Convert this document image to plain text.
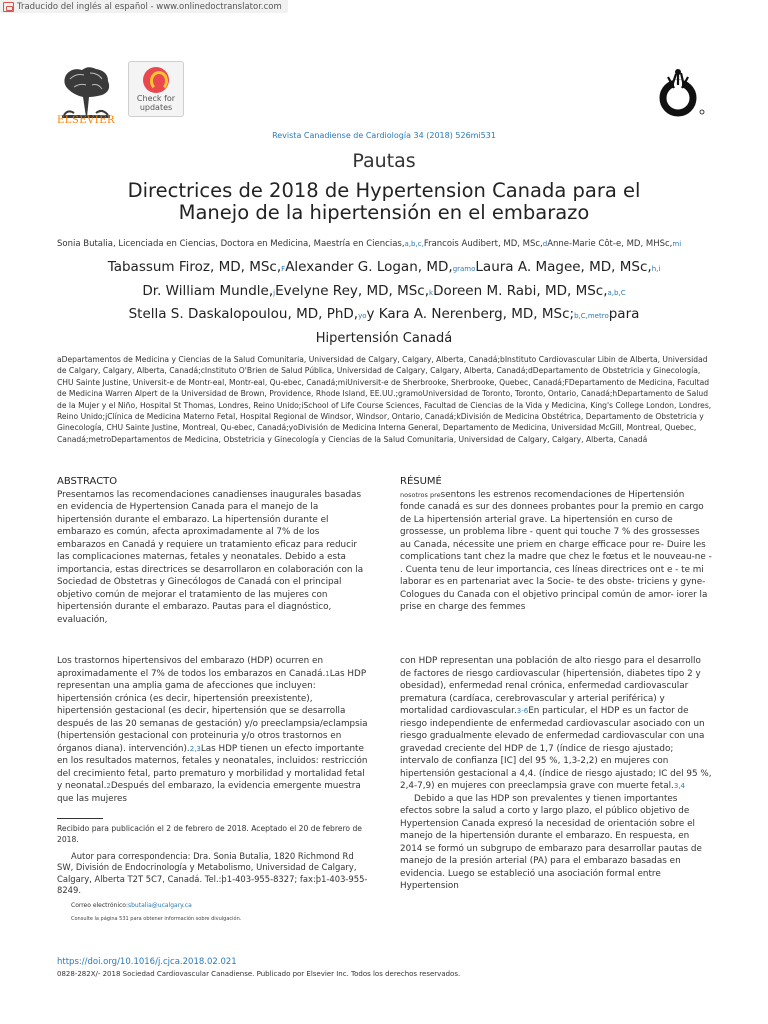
Traducido del inglés al español - www.onlinedoctranslator.com
ELSEVIER
Check for
updates
Revista Canadiense de Cardiología 34 (2018) 526mi531
Pautas
Directrices de 2018 de Hypertension Canada para el
Manejo de la hipertensión en el embarazo
Sonia Butalia, Licenciada en Ciencias, Doctora en Medicina, Maestría en Ciencias,a,b,c,Francois Audibert, MD, MSc,dAnne-Marie Côt-e, MD, MHSc,mi
Tabassum Firoz, MD, MSc,FAlexander G. Logan, MD,gramoLaura A. Magee, MD, MSc,h,i
Dr. William Mundle,jEvelyne Rey, MD, MSc,kDoreen M. Rabi, MD, MSc,a,b,C
Stella S. Daskalopoulou, MD, PhD,yoy Kara A. Nerenberg, MD, MSc;b,C,metropara
Hipertensión Canadá
aDepartamentos de Medicina y Ciencias de la Salud Comunitaria, Universidad de Calgary, Calgary, Alberta, Canadá;bInstituto Cardiovascular Libin de Alberta, Universidad de Calgary, Calgary, Alberta, Canadá;cInstituto O'Brien de Salud Pública, Universidad de Calgary, Calgary, Alberta, Canadá;dDepartamento de Obstetricia y Ginecología, CHU Sainte Justine, Universit-e de Montr-eal, Montr-eal, Qu-ebec, Canadá;miUniversit-e de Sherbrooke, Sherbrooke, Quebec, Canadá;FDepartamento de Medicina, Facultad de Medicina Warren Alpert de la Universidad de Brown, Providence, Rhode Island, EE.UU.;gramoUniversidad de Toronto, Toronto, Ontario, Canadá;hDepartamento de Salud de la Mujer y el Niño, Hospital St Thomas, Londres, Reino Unido;iSchool of Life Course Sciences, Facultad de Ciencias de la Vida y Medicina, King's College London, Londres, Reino Unido;jClínica de Medicina Materno Fetal, Hospital Regional de Windsor, Windsor, Ontario, Canadá;kDivisión de Medicina Obstétrica, Departamento de Obstetricia y Ginecología, CHU Sainte Justine, Montreal, Qu-ebec, Canadá;yoDivisión de Medicina Interna General, Departamento de Medicina, Universidad McGill, Montreal, Quebec, Canadá;metroDepartamentos de Medicina, Obstetricia y Ginecología y Ciencias de la Salud Comunitaria, Universidad de Calgary, Calgary, Alberta, Canadá
ABSTRACTO
Presentamos las recomendaciones canadienses inaugurales basadas en evidencia de Hypertension Canada para el manejo de la hipertensión durante el embarazo. La hipertensión durante el embarazo es común, afecta aproximadamente al 7% de los embarazos en Canadá y requiere un tratamiento eficaz para reducir las complicaciones maternas, fetales y neonatales. Debido a esta importancia, estas directrices se desarrollaron en colaboración con la Sociedad de Obstetras y Ginecólogos de Canadá con el principal objetivo común de mejorar el tratamiento de las mujeres con hipertensión durante el embarazo. Pautas para el diagnóstico, evaluación,
RÉSUMÉ
nosotros presentons les estrenos recomendaciones de Hipertensión fonde canadá es sur des donnees probantes pour la premio en cargo de La hipertensión arterial grave. La hipertensión en curso de grossesse, un problema libre - quent qui touche 7 % des grossesses au Canada, nécessite une priem en charge efficace pour re- Duire les complications tant chez la madre que chez le fœtus et le nouveau-ne - . Cuenta tenu de leur importancia, ces líneas directrices ont e - te mi laborar es en partenariat avec la Socie- te des obste- triciens y gyne- Cologues du Canada con el objetivo principal común de amor- iorer la prise en charge des femmes
Los trastornos hipertensivos del embarazo (HDP) ocurren en aproximadamente el 7% de todos los embarazos en Canadá.1Las HDP representan una amplia gama de afecciones que incluyen: hipertensión crónica (es decir, hipertensión preexistente), hipertensión gestacional (es decir, hipertensión que se desarrolla después de las 20 semanas de gestación) y/o preeclampsia/eclampsia (hipertensión gestacional con proteinuria y/o otros trastornos en órganos diana). intervención).2,3Las HDP tienen un efecto importante en los resultados maternos, fetales y neonatales, incluidos: restricción del crecimiento fetal, parto prematuro y morbilidad y mortalidad fetal y neonatal.2Después del embarazo, la evidencia emergente muestra que las mujeres
con HDP representan una población de alto riesgo para el desarrollo de factores de riesgo cardiovascular (hipertensión, diabetes tipo 2 y obesidad), enfermedad renal crónica, enfermedad cardiovascular prematura (cardíaca, cerebrovascular y arterial periférica) y mortalidad cardiovascular.3-6En particular, el HDP es un factor de riesgo independiente de enfermedad cardiovascular asociado con un riesgo gradualmente elevado de enfermedad cardiovascular con una gravedad creciente del HDP de 1,7 (índice de riesgo ajustado; intervalo de confianza [IC] del 95 %, 1,3-2,2) en mujeres con hipertensión gestacional a 4,4. (índice de riesgo ajustado; IC del 95 %, 2,4-7,9) en mujeres con preeclampsia grave con muerte fetal.3,4
Debido a que las HDP son prevalentes y tienen importantes efectos sobre la salud a corto y largo plazo, el público objetivo de Hypertension Canada expresó la necesidad de orientación sobre el manejo de la hipertensión durante el embarazo. En respuesta, en 2014 se formó un subgrupo de embarazo para desarrollar pautas de manejo de la presión arterial (PA) para el embarazo basadas en evidencia. Luego se estableció una asociación formal entre Hypertension
Recibido para publicación el 2 de febrero de 2018. Aceptado el 20 de febrero de 2018.
Autor para correspondencia: Dra. Sonia Butalia, 1820 Richmond Rd SW, División de Endocrinología y Metabolismo, Universidad de Calgary, Calgary, Alberta T2T 5C7, Canadá. Tel.:þ1-403-955-8327; fax:þ1-403-955-8249.
Correo electrónico:sbutalia@ucalgary.ca
Consulte la página 531 para obtener información sobre divulgación.
https://doi.org/10.1016/j.cjca.2018.02.021
0828-282X/- 2018 Sociedad Cardiovascular Canadiense. Publicado por Elsevier Inc. Todos los derechos reservados.
